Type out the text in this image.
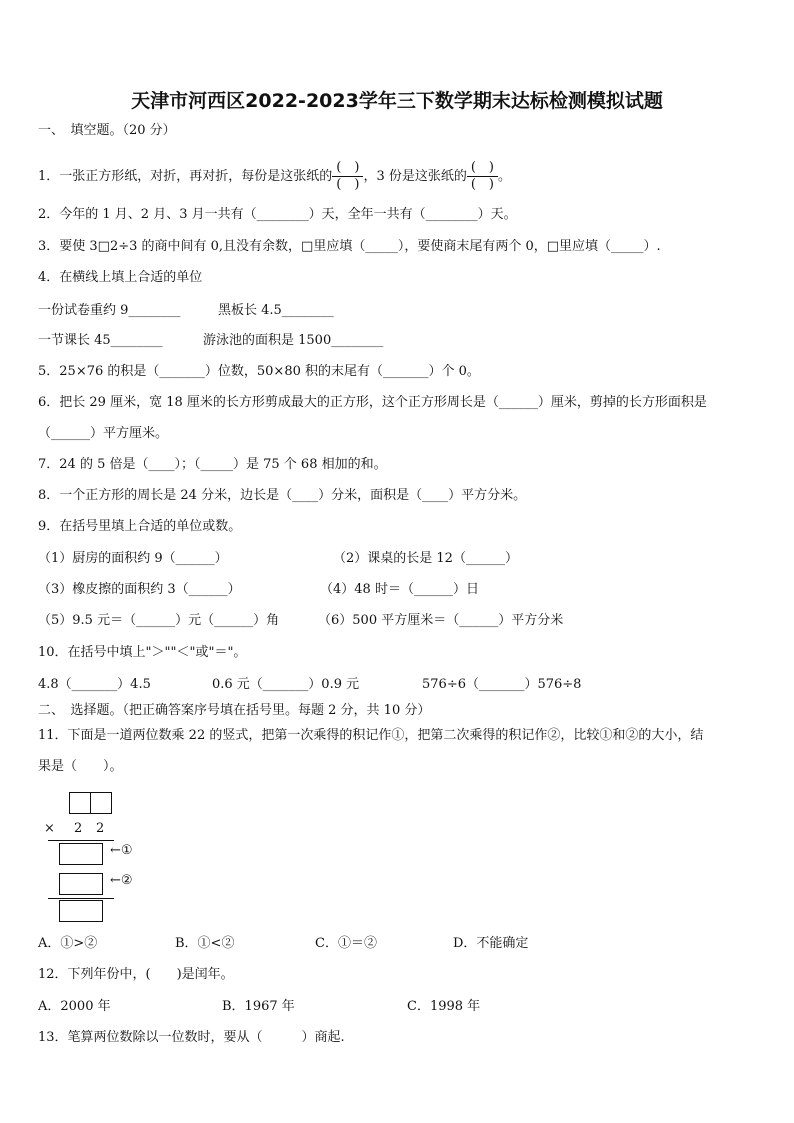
天津市河西区2022-2023学年三下数学期末达标检测模拟试题
一、　填空题。（20 分）
1．一张正方形纸，对折，再对折，每份是这张纸的 $\frac{( )}{( )}$ ，3 份是这张纸的 $\frac{( )}{( )}$ 。
2．今年的 1 月、2 月、3 月一共有（________）天，全年一共有（________）天。
3．要使 3□2÷3 的商中间有 0,且没有余数，□里应填（_____），要使商末尾有两个 0，□里应填（_____）.
4．在横线上填上合适的单位
一份试卷重约 9________	黑板长 4.5________
一节课长 45________	游泳池的面积是 1500________
5．25×76 的积是（_______）位数，50×80 积的末尾有（_______）个 0。
6．把长 29 厘米，宽 18 厘米的长方形剪成最大的正方形，这个正方形周长是（______）厘米，剪掉的长方形面积是
（______）平方厘米。
7．24 的 5 倍是（____）；（_____）是 75 个 68 相加的和。
8．一个正方形的周长是 24 分米，边长是（____）分米，面积是（____）平方分米。
9．在括号里填上合适的单位或数。
（1）厨房的面积约 9（______）	（2）课桌的长是 12（______）
（3）橡皮擦的面积约 3（______）	（4）48 时＝（______）日
（5）9.5 元＝（______）元（______）角	（6）500 平方厘米＝（______）平方分米
10．在括号中填上"＞""＜"或"＝"。
4.8（_______）4.5	0.6 元（_______）0.9 元	576÷6（_______）576÷8
二、　选择题。（把正确答案序号填在括号里。每题 2 分，共 10 分）
11．下面是一道两位数乘 22 的竖式，把第一次乘得的积记作①，把第二次乘得的积记作②，比较①和②的大小，结
果是（　　）。
× 2 2
←①
←②
A．①>②	B．①<②	C．①＝②	D．不能确定
12．下列年份中，(　　)是闰年。
A．2000 年	B．1967 年	C．1998 年
13．笔算两位数除以一位数时，要从（　　　）商起.
